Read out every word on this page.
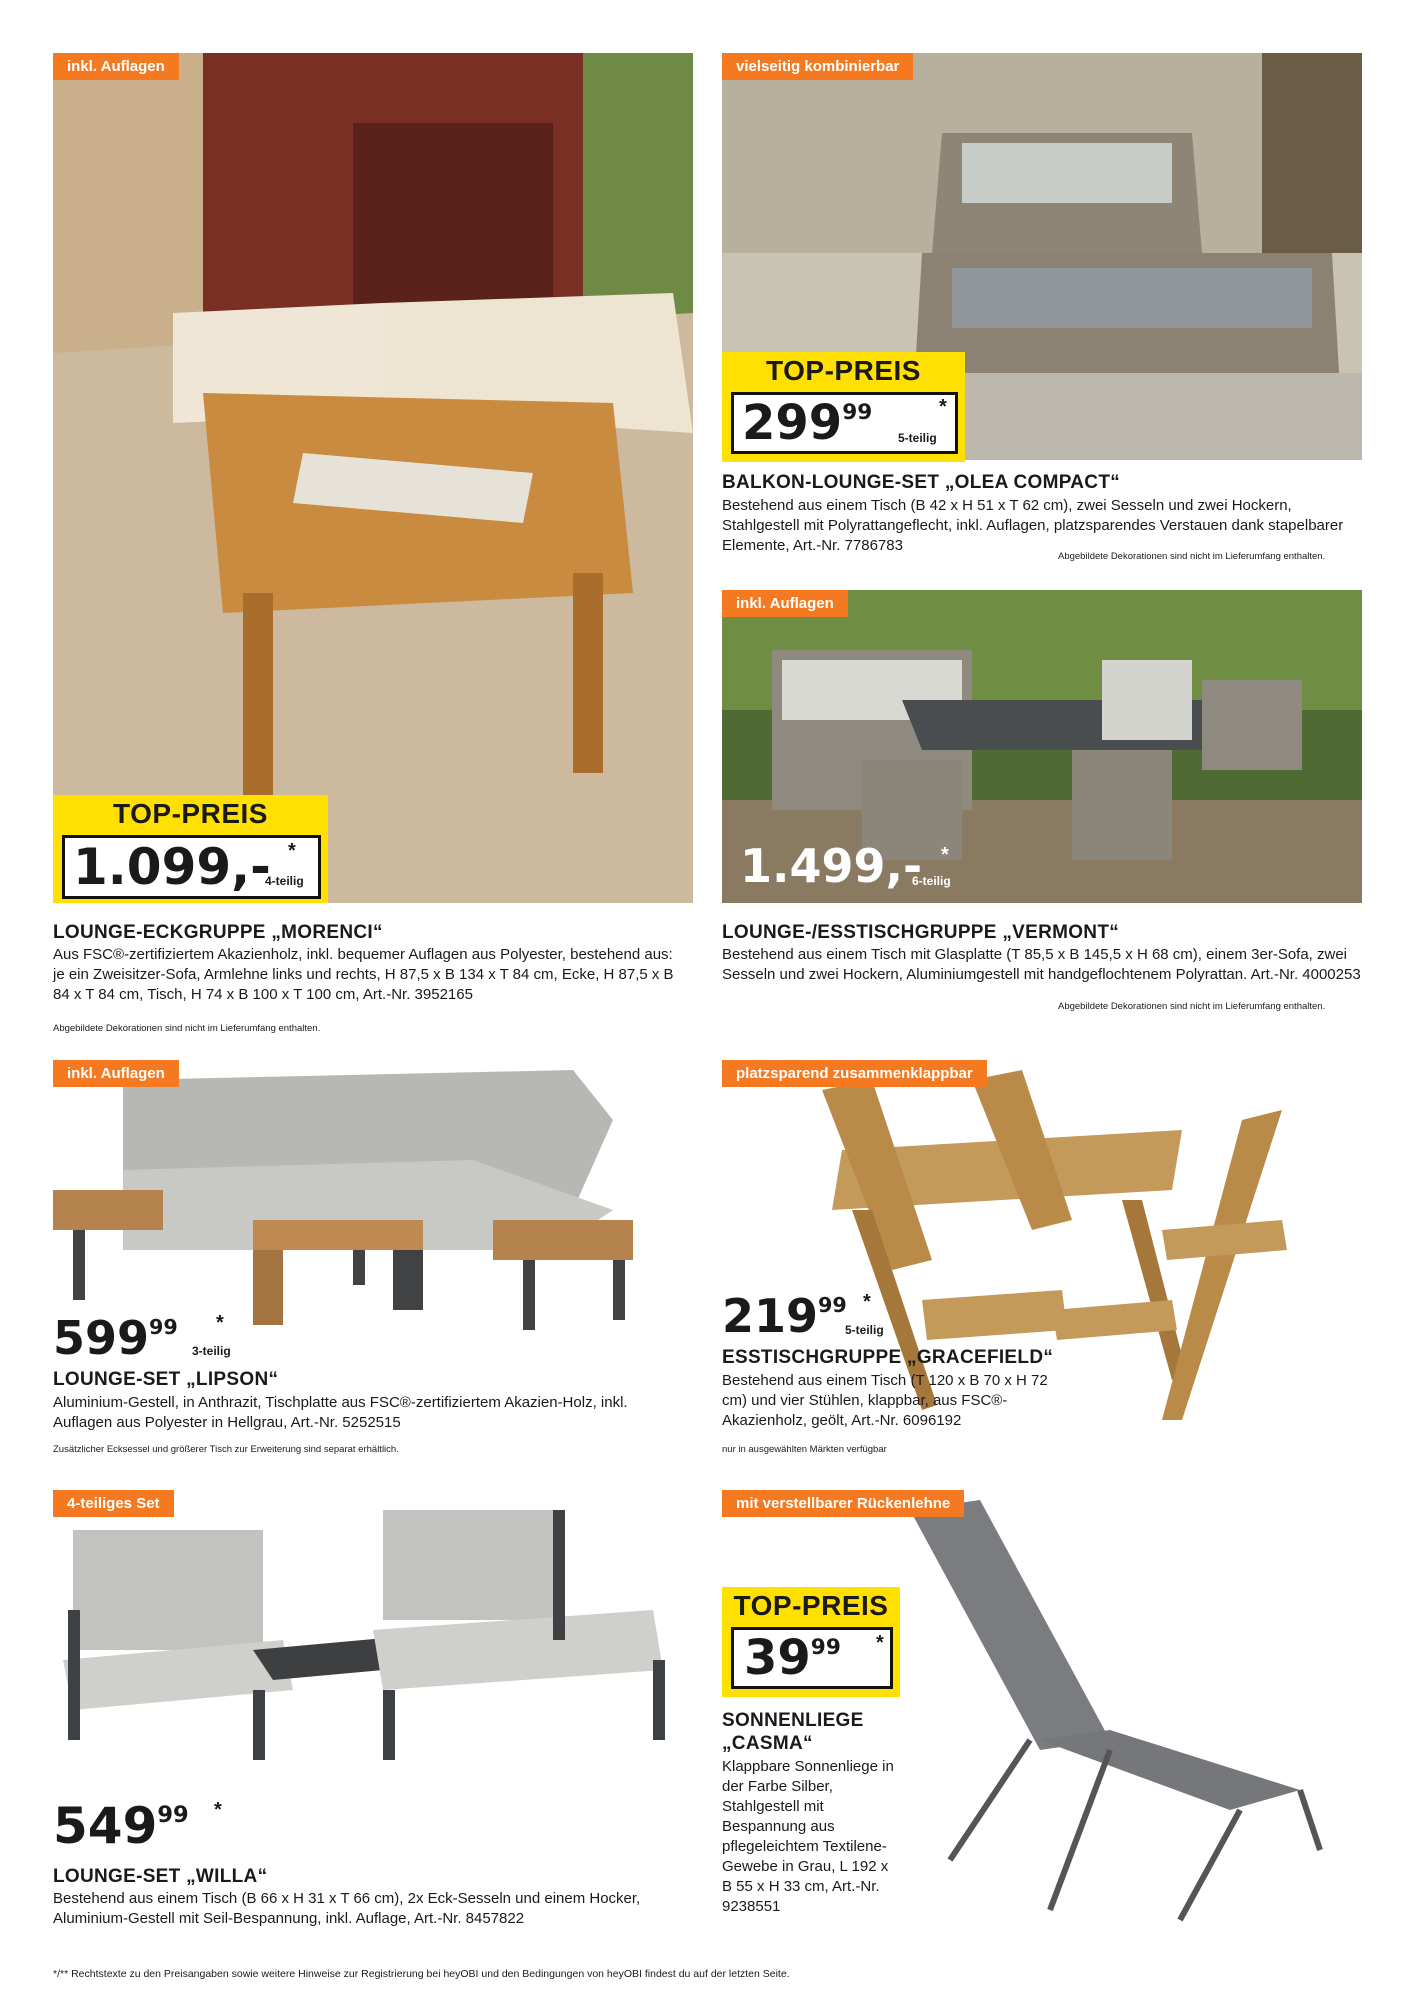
inkl. Auflagen
TOP-PREIS
1.099,- *
4-teilig
LOUNGE-ECKGRUPPE „MORENCI“
Aus FSC®-zertifiziertem Akazienholz, inkl. bequemer Auflagen aus Polyester, bestehend aus: je ein Zweisitzer-Sofa, Armlehne links und rechts, H 87,5 x B 134 x T 84 cm, Ecke, H 87,5 x B 84 x T 84 cm, Tisch, H 74 x B 100 x T 100 cm, Art.-Nr. 3952165
Abgebildete Dekorationen sind nicht im Lieferumfang enthalten.
vielseitig kombinierbar
TOP-PREIS
$299^{99}$	*
5-teilig
BALKON-LOUNGE-SET „OLEA COMPACT“
Bestehend aus einem Tisch (B 42 x H 51 x T 62 cm), zwei Sesseln und zwei Hockern, Stahlgestell mit Polyrattangeflecht, inkl. Auflagen, platzsparendes Verstauen dank stapelbarer Elemente, Art.-Nr. 7786783
Abgebildete Dekorationen sind nicht im Lieferumfang enthalten.
inkl. Auflagen
1.499,- *
6-teilig
LOUNGE-/ESSTISCHGRUPPE „VERMONT“
Bestehend aus einem Tisch mit Glasplatte (T 85,5 x B 145,5 x H 68 cm), einem 3er-Sofa, zwei Sesseln und zwei Hockern, Aluminiumgestell mit handgeflochtenem Polyrattan. Art.-Nr. 4000253
Abgebildete Dekorationen sind nicht im Lieferumfang enthalten.
inkl. Auflagen
$599^{99}$ *
3-teilig
LOUNGE-SET „LIPSON“
Aluminium-Gestell, in Anthrazit, Tischplatte aus FSC®-zertifiziertem Akazien-Holz, inkl. Auflagen aus Polyester in Hellgrau, Art.-Nr. 5252515
Zusätzlicher Ecksessel und größerer Tisch zur Erweiterung sind separat erhältlich.
platzsparend zusammenklappbar
$219^{99}$ *
5-teilig
ESSTISCHGRUPPE „GRACEFIELD“
Bestehend aus einem Tisch (T 120 x B 70 x H 72 cm) und vier Stühlen, klappbar, aus FSC®-Akazienholz, geölt, Art.-Nr. 6096192
nur in ausgewählten Märkten verfügbar
4-teiliges Set
$549^{99}$ *
LOUNGE-SET „WILLA“
Bestehend aus einem Tisch (B 66 x H 31 x T 66 cm), 2x Eck-Sesseln und einem Hocker, Aluminium-Gestell mit Seil-Bespannung, inkl. Auflage, Art.-Nr. 8457822
mit verstellbarer Rückenlehne
TOP-PREIS
$39^{99}$ *
SONNENLIEGE
„CASMA“
Klappbare Sonnenliege in der Farbe Silber, Stahlgestell mit Bespannung aus pflegeleichtem Textilene-Gewebe in Grau, L 192 x B 55 x H 33 cm, Art.-Nr. 9238551
*/** Rechtstexte zu den Preisangaben sowie weitere Hinweise zur Registrierung bei heyOBI und den Bedingungen von heyOBI findest du auf der letzten Seite.
